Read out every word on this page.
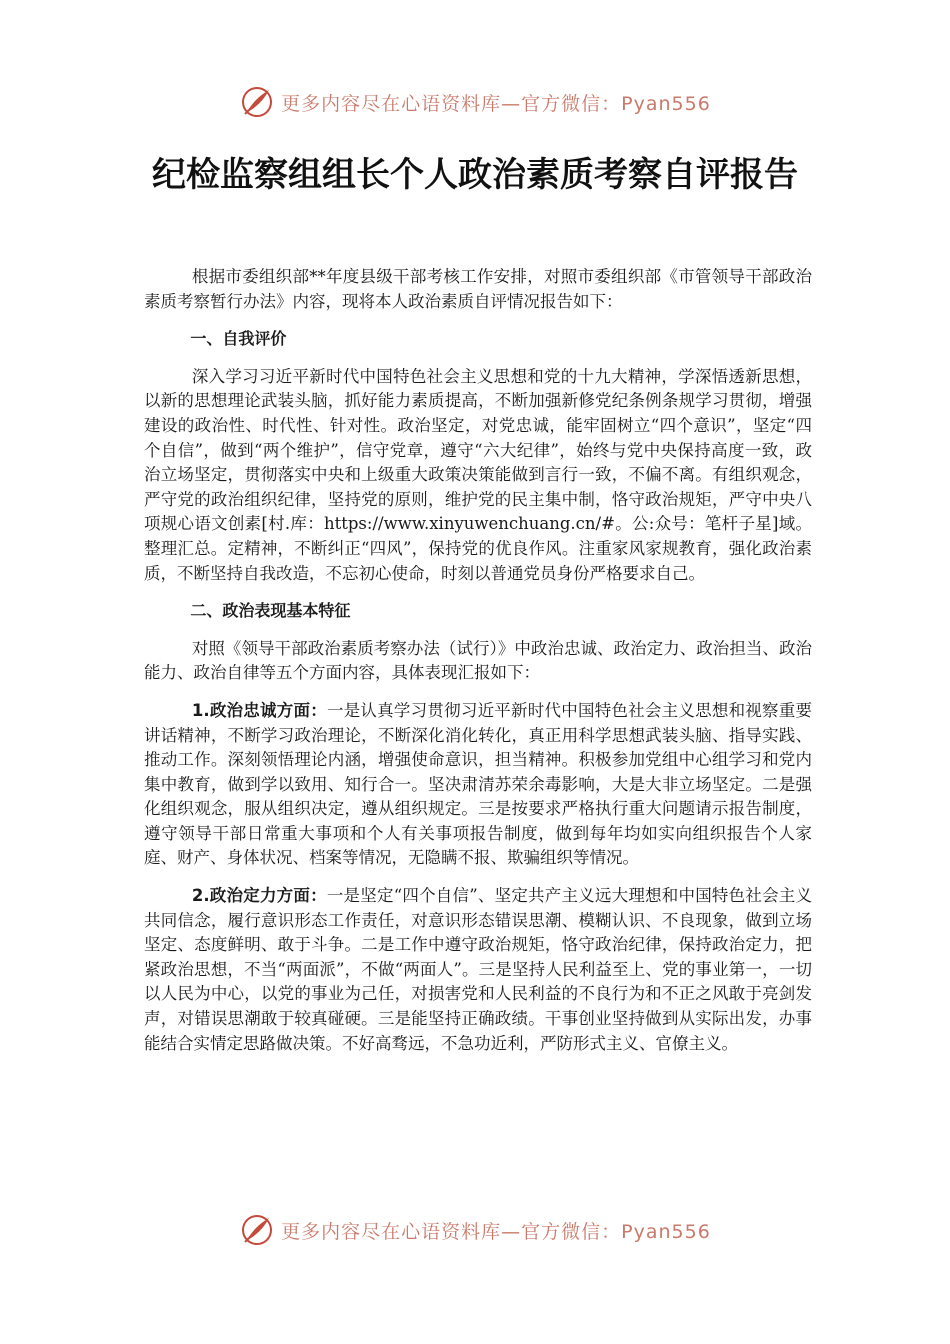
更多内容尽在心语资料库—官方微信：Pyan556
纪检监察组组长个人政治素质考察自评报告

根据市委组织部**年度县级干部考核工作安排，对照市委组织部《市管领导干部政治素质考察暂行办法》内容，现将本人政治素质自评情况报告如下：

一、自我评价

深入学习习近平新时代中国特色社会主义思想和党的十九大精神，学深悟透新思想，以新的思想理论武装头脑，抓好能力素质提高，不断加强新修党纪条例条规学习贯彻，增强建设的政治性、时代性、针对性。政治坚定，对党忠诚，能牢固树立“四个意识”，坚定“四个自信”，做到“两个维护”，信守党章，遵守“六大纪律”，始终与党中央保持高度一致，政治立场坚定，贯彻落实中央和上级重大政策决策能做到言行一致，不偏不离。有组织观念，严守党的政治组织纪律，坚持党的原则，维护党的民主集中制，恪守政治规矩，严守中央八项规心语文创素[村.库：https://www.xinyuwenchuang.cn/#。公:众号：笔杆子星]域。整理汇总。定精神，不断纠正“四风”，保持党的优良作风。注重家风家规教育，强化政治素质，不断坚持自我改造，不忘初心使命，时刻以普通党员身份严格要求自己。

二、政治表现基本特征

对照《领导干部政治素质考察办法（试行）》中政治忠诚、政治定力、政治担当、政治能力、政治自律等五个方面内容，具体表现汇报如下：

1.政治忠诚方面：一是认真学习贯彻习近平新时代中国特色社会主义思想和视察重要讲话精神，不断学习政治理论，不断深化消化转化，真正用科学思想武装头脑、指导实践、推动工作。深刻领悟理论内涵，增强使命意识，担当精神。积极参加党组中心组学习和党内集中教育，做到学以致用、知行合一。坚决肃清苏荣余毒影响，大是大非立场坚定。二是强化组织观念，服从组织决定，遵从组织规定。三是按要求严格执行重大问题请示报告制度，遵守领导干部日常重大事项和个人有关事项报告制度，做到每年均如实向组织报告个人家庭、财产、身体状况、档案等情况，无隐瞒不报、欺骗组织等情况。

2.政治定力方面：一是坚定“四个自信”、坚定共产主义远大理想和中国特色社会主义共同信念，履行意识形态工作责任，对意识形态错误思潮、模糊认识、不良现象，做到立场坚定、态度鲜明、敢于斗争。二是工作中遵守政治规矩，恪守政治纪律，保持政治定力，把紧政治思想，不当“两面派”，不做“两面人”。三是坚持人民利益至上、党的事业第一，一切以人民为中心，以党的事业为己任，对损害党和人民利益的不良行为和不正之风敢于亮剑发声，对错误思潮敢于较真碰硬。三是能坚持正确政绩。干事创业坚持做到从实际出发，办事能结合实情定思路做决策。不好高骛远，不急功近利，严防形式主义、官僚主义。

更多内容尽在心语资料库—官方微信：Pyan556
